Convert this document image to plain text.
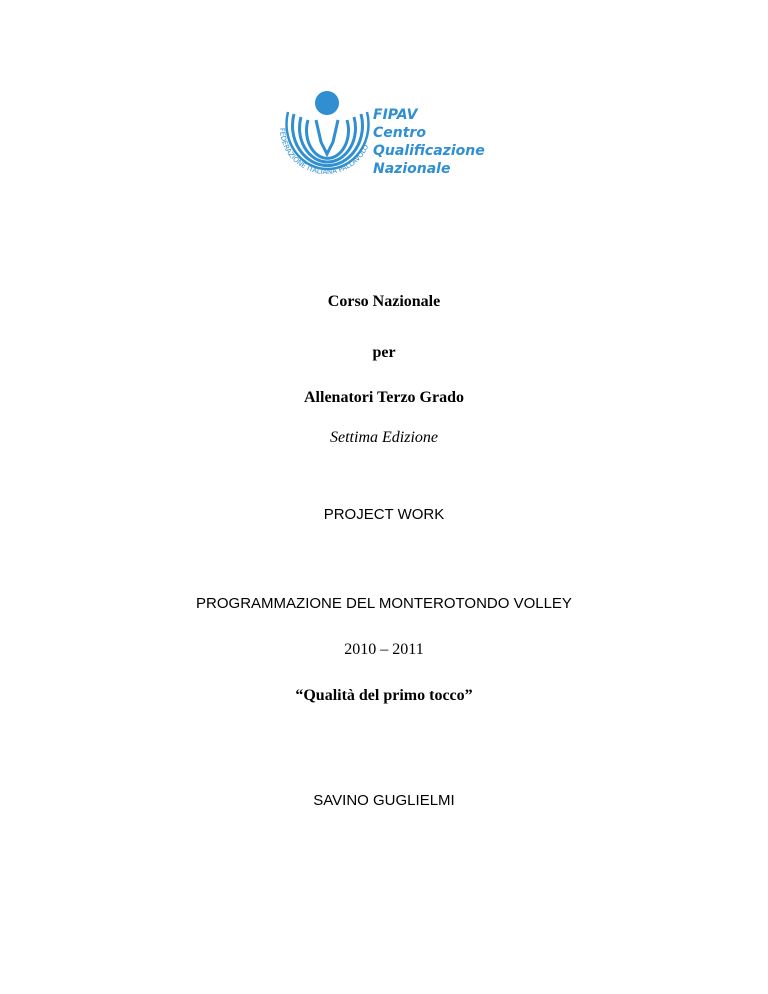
FEDERAZIONE ITALIANA PALLAVOLO
FIPAV
Centro
Qualificazione
Nazionale
Corso Nazionale
per
Allenatori Terzo Grado
Settima Edizione
PROJECT WORK
PROGRAMMAZIONE DEL MONTEROTONDO VOLLEY
2010 – 2011
“Qualità del primo tocco”
SAVINO GUGLIELMI
